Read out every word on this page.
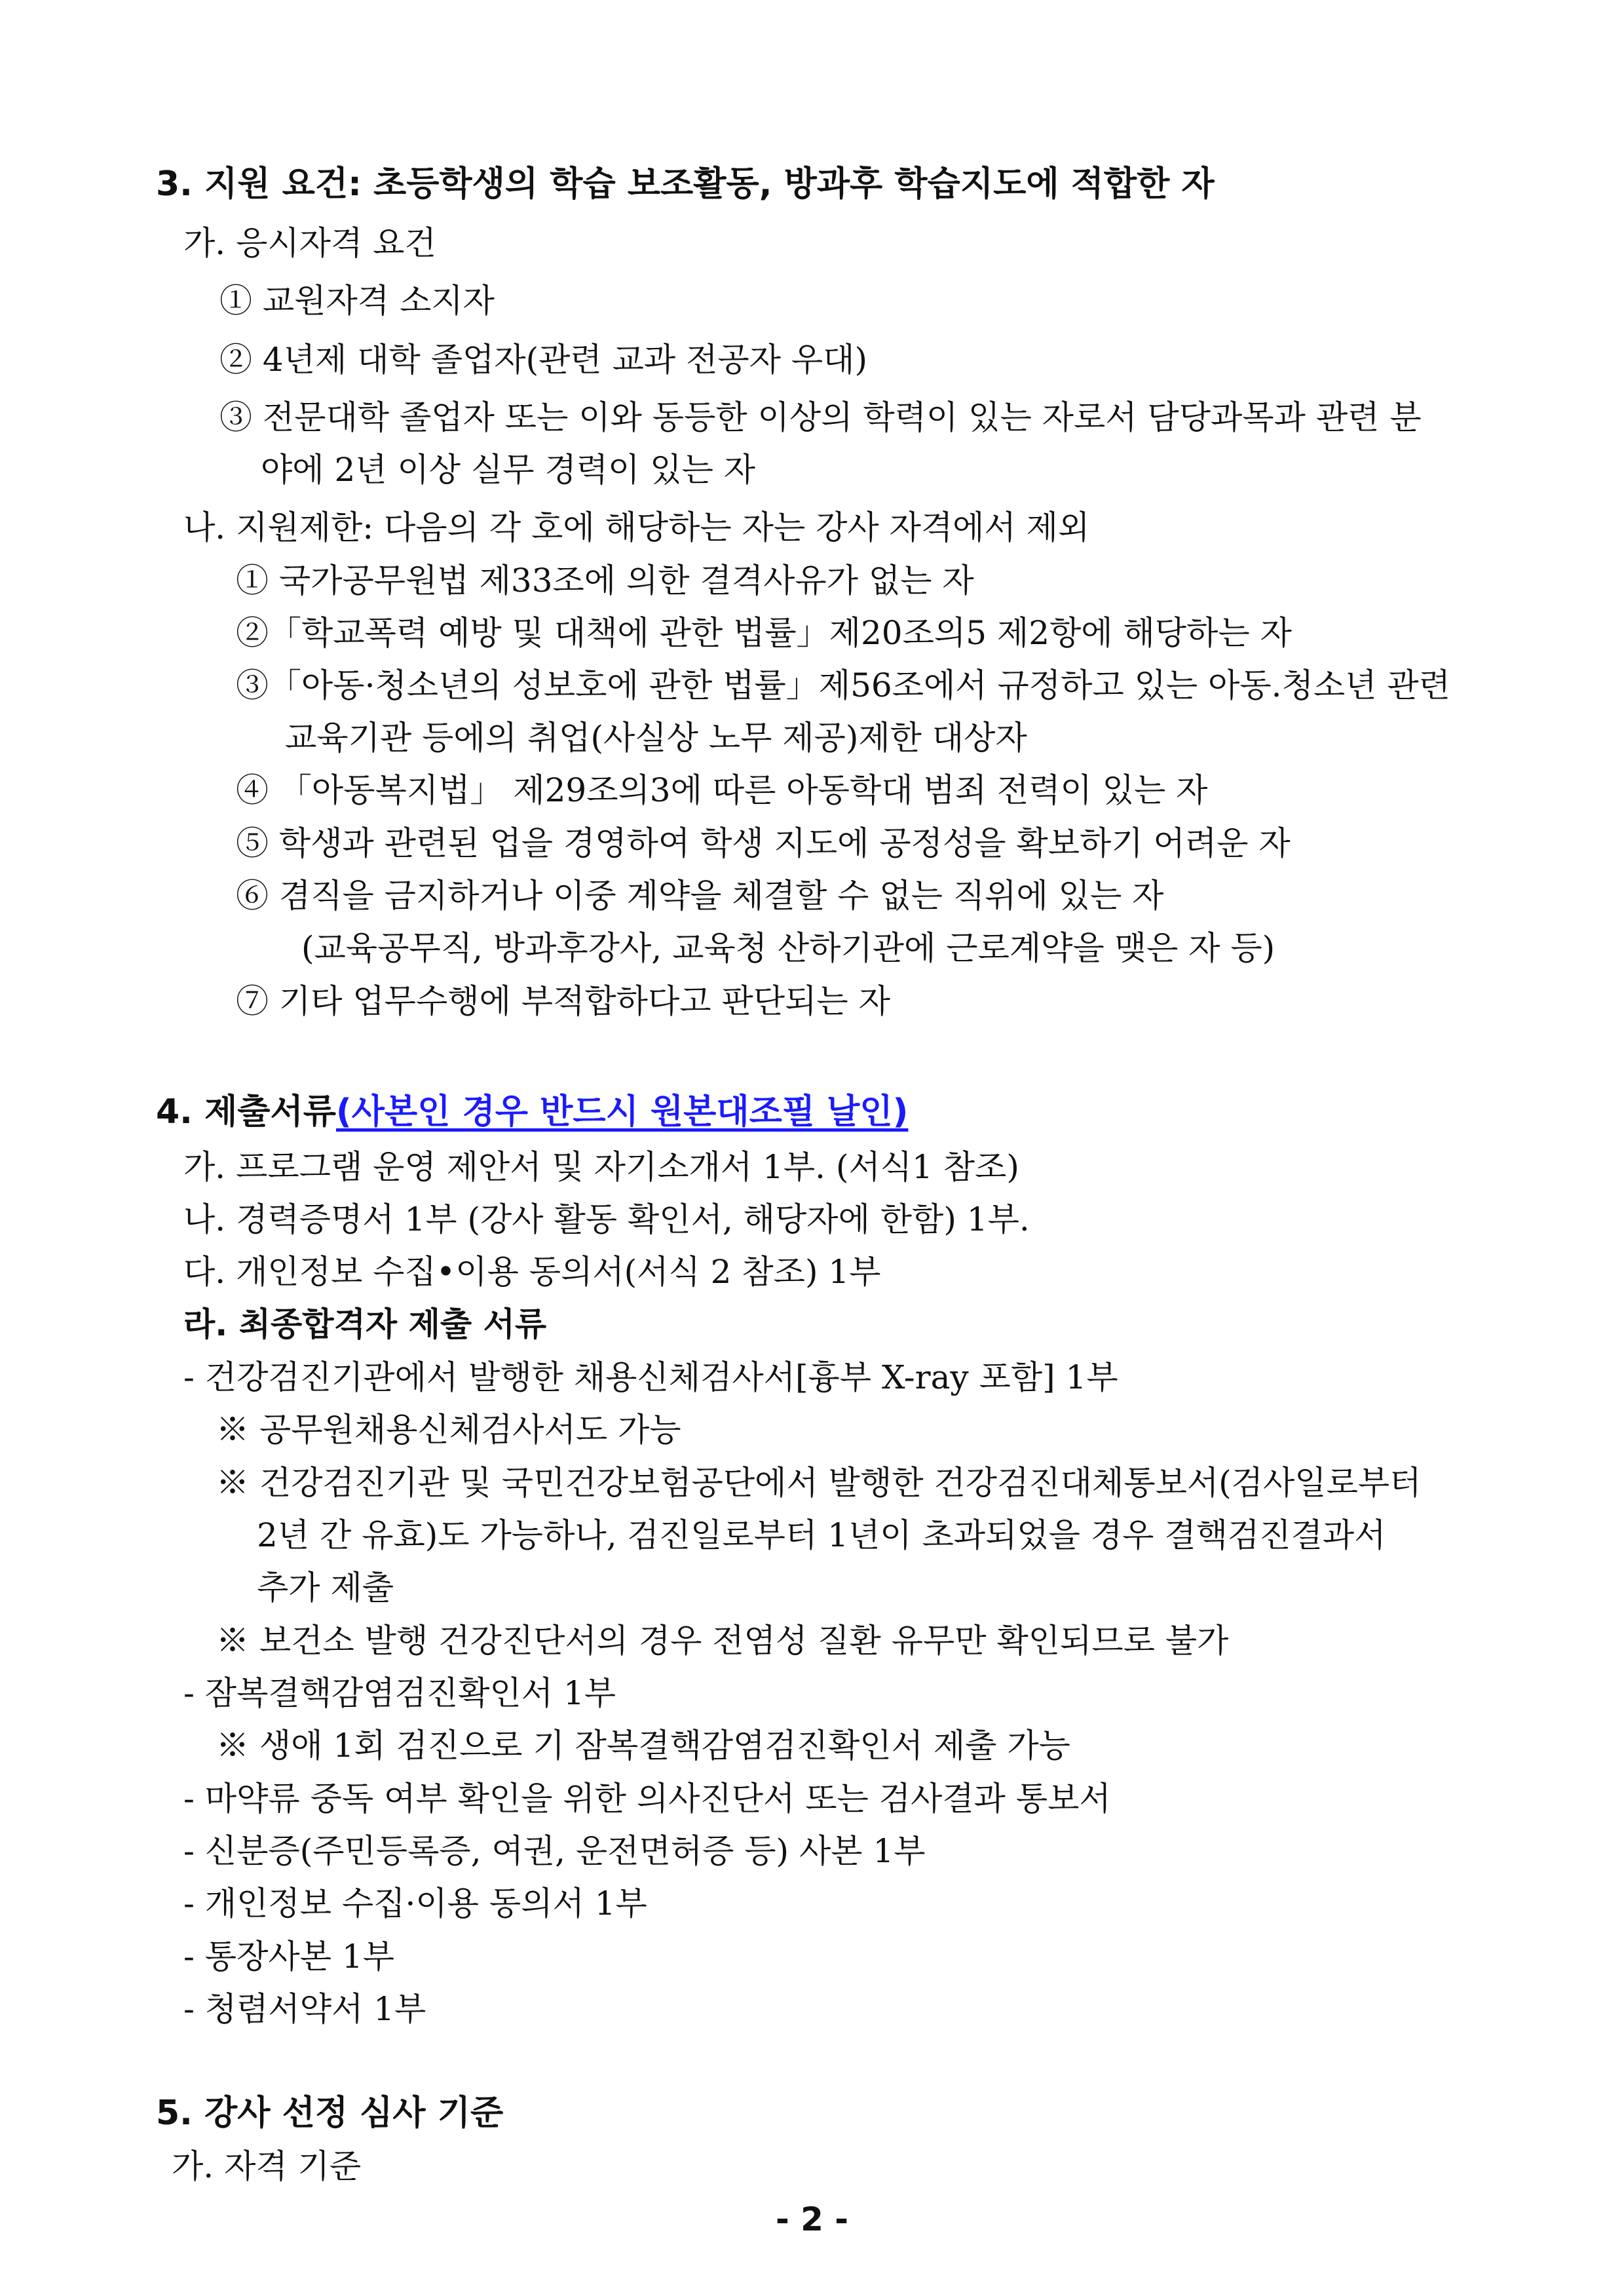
3. 지원 요건: 초등학생의 학습 보조활동, 방과후 학습지도에 적합한 자
가. 응시자격 요건
① 교원자격 소지자
② 4년제 대학 졸업자(관련 교과 전공자 우대)
③ 전문대학 졸업자 또는 이와 동등한 이상의 학력이 있는 자로서 담당과목과 관련 분
야에 2년 이상 실무 경력이 있는 자
나. 지원제한: 다음의 각 호에 해당하는 자는 강사 자격에서 제외
① 국가공무원법 제33조에 의한 결격사유가 없는 자
②「학교폭력 예방 및 대책에 관한 법률」제20조의5 제2항에 해당하는 자
③「아동·청소년의 성보호에 관한 법률」제56조에서 규정하고 있는 아동.청소년 관련
교육기관 등에의 취업(사실상 노무 제공)제한 대상자
④ 「아동복지법」 제29조의3에 따른 아동학대 범죄 전력이 있는 자
⑤ 학생과 관련된 업을 경영하여 학생 지도에 공정성을 확보하기 어려운 자
⑥ 겸직을 금지하거나 이중 계약을 체결할 수 없는 직위에 있는 자
(교육공무직, 방과후강사, 교육청 산하기관에 근로계약을 맺은 자 등)
⑦ 기타 업무수행에 부적합하다고 판단되는 자
4. 제출서류(사본인 경우 반드시 원본대조필 날인)
가. 프로그램 운영 제안서 및 자기소개서 1부. (서식1 참조)
나. 경력증명서 1부 (강사 활동 확인서, 해당자에 한함) 1부.
다. 개인정보 수집•이용 동의서(서식 2 참조) 1부
라. 최종합격자 제출 서류
- 건강검진기관에서 발행한 채용신체검사서[흉부 X-ray 포함] 1부
※ 공무원채용신체검사서도 가능
※ 건강검진기관 및 국민건강보험공단에서 발행한 건강검진대체통보서(검사일로부터
2년 간 유효)도 가능하나, 검진일로부터 1년이 초과되었을 경우 결핵검진결과서
추가 제출
※ 보건소 발행 건강진단서의 경우 전염성 질환 유무만 확인되므로 불가
- 잠복결핵감염검진확인서 1부
※ 생애 1회 검진으로 기 잠복결핵감염검진확인서 제출 가능
- 마약류 중독 여부 확인을 위한 의사진단서 또는 검사결과 통보서
- 신분증(주민등록증, 여권, 운전면허증 등) 사본 1부
- 개인정보 수집·이용 동의서 1부
- 통장사본 1부
- 청렴서약서 1부
5. 강사 선정 심사 기준
가. 자격 기준
- 2 -
